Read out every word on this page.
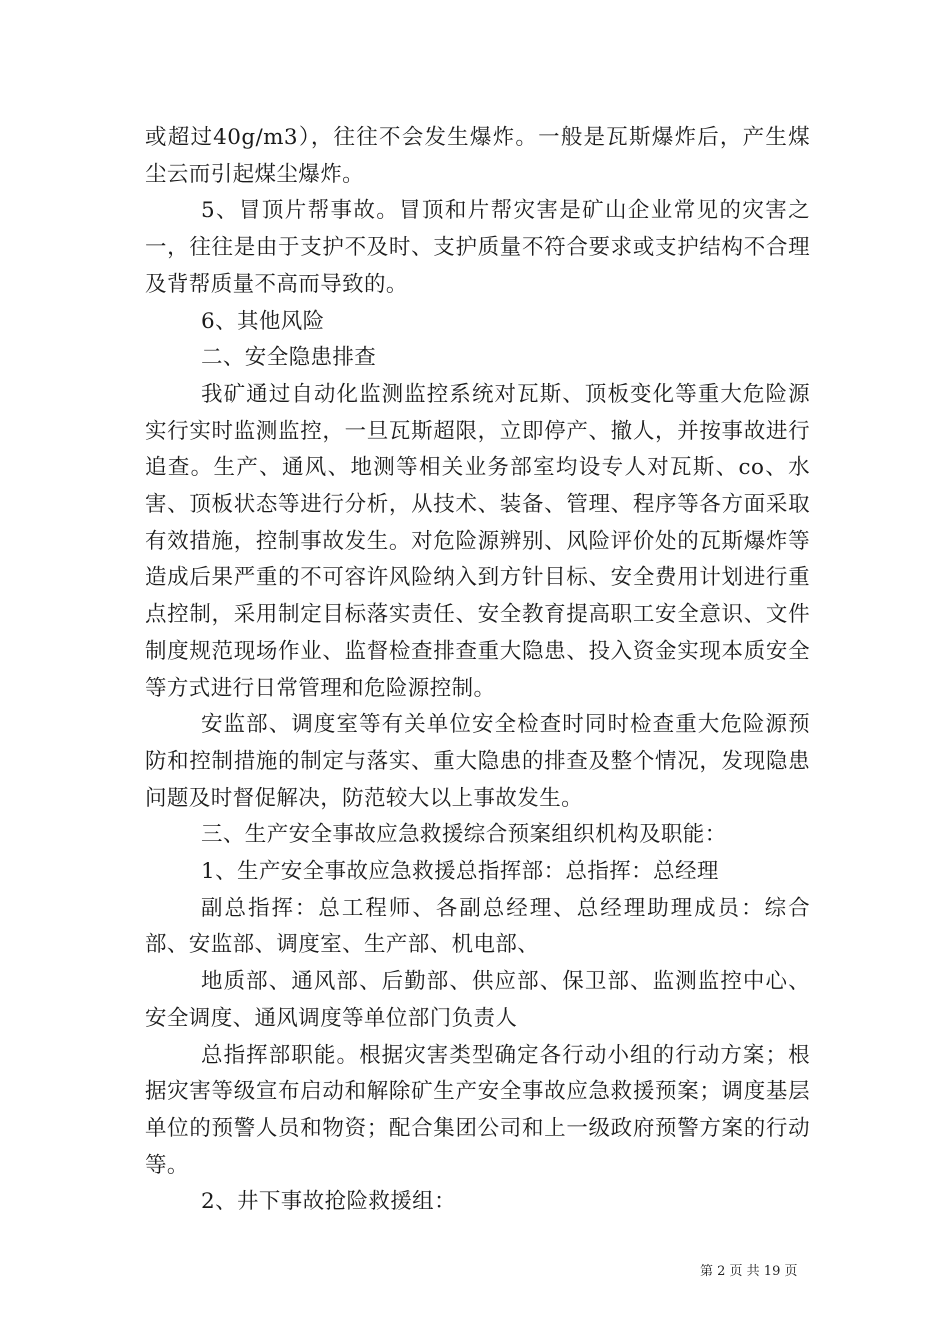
或超过40g/m3），往往不会发生爆炸。一般是瓦斯爆炸后，产生煤尘云而引起煤尘爆炸。

5、冒顶片帮事故。冒顶和片帮灾害是矿山企业常见的灾害之一，往往是由于支护不及时、支护质量不符合要求或支护结构不合理及背帮质量不高而导致的。

6、其他风险

二、安全隐患排查

我矿通过自动化监测监控系统对瓦斯、顶板变化等重大危险源实行实时监测监控，一旦瓦斯超限，立即停产、撤人，并按事故进行追查。生产、通风、地测等相关业务部室均设专人对瓦斯、co、水害、顶板状态等进行分析，从技术、装备、管理、程序等各方面采取有效措施，控制事故发生。对危险源辨别、风险评价处的瓦斯爆炸等造成后果严重的不可容许风险纳入到方针目标、安全费用计划进行重点控制，采用制定目标落实责任、安全教育提高职工安全意识、文件制度规范现场作业、监督检查排查重大隐患、投入资金实现本质安全等方式进行日常管理和危险源控制。

安监部、调度室等有关单位安全检查时同时检查重大危险源预防和控制措施的制定与落实、重大隐患的排查及整个情况，发现隐患问题及时督促解决，防范较大以上事故发生。

三、生产安全事故应急救援综合预案组织机构及职能：

1、生产安全事故应急救援总指挥部：总指挥：总经理

副总指挥：总工程师、各副总经理、总经理助理成员：综合部、安监部、调度室、生产部、机电部、

地质部、通风部、后勤部、供应部、保卫部、监测监控中心、安全调度、通风调度等单位部门负责人

总指挥部职能。根据灾害类型确定各行动小组的行动方案；根据灾害等级宣布启动和解除矿生产安全事故应急救援预案；调度基层单位的预警人员和物资；配合集团公司和上一级政府预警方案的行动等。

2、井下事故抢险救援组：

第 2 页 共 19 页
